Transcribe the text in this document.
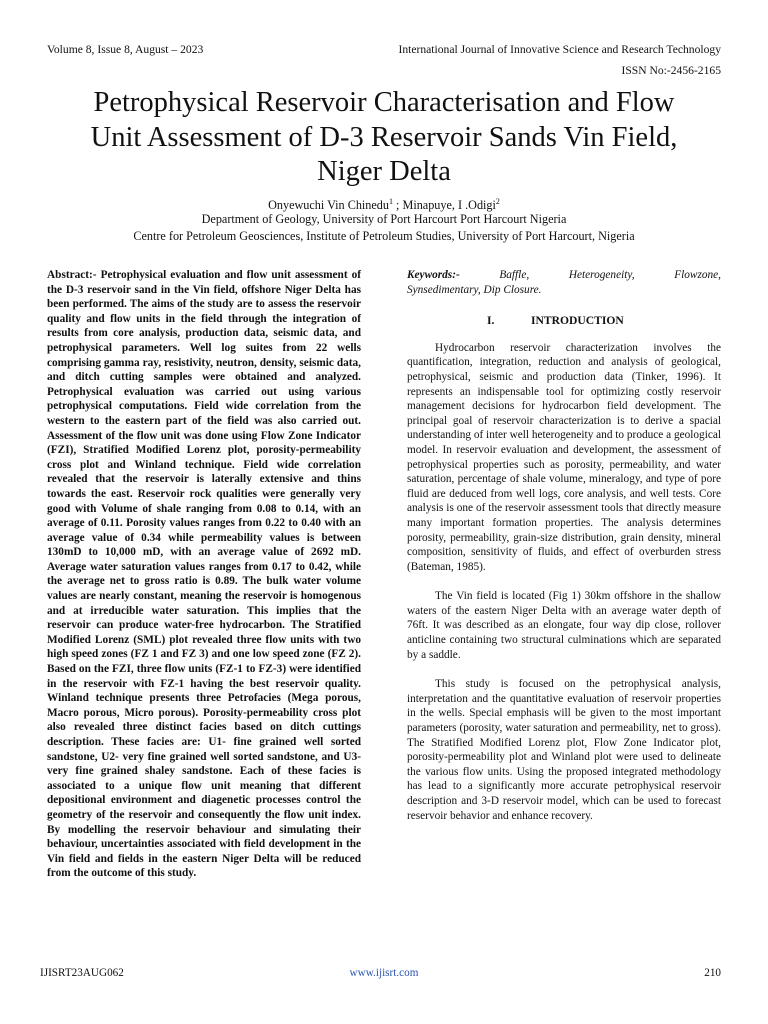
Volume 8, Issue 8, August – 2023	International Journal of Innovative Science and Research Technology
ISSN No:-2456-2165
Petrophysical Reservoir Characterisation and Flow
Unit Assessment of D-3 Reservoir Sands Vin Field,
Niger Delta
Onyewuchi Vin Chinedu$^1$ ; Minapuye, I .Odigi$^2$
Department of Geology, University of Port Harcourt Port Harcourt Nigeria
Centre for Petroleum Geosciences, Institute of Petroleum Studies, University of Port Harcourt, Nigeria
Abstract:- Petrophysical evaluation and flow unit assessment of the D-3 reservoir sand in the Vin field, offshore Niger Delta has been performed. The aims of the study are to assess the reservoir quality and flow units in the field through the integration of results from core analysis, production data, seismic data, and petrophysical parameters. Well log suites from 22 wells comprising gamma ray, resistivity, neutron, density, seismic data, and ditch cutting samples were obtained and analyzed. Petrophysical evaluation was carried out using various petrophysical computations. Field wide correlation from the western to the eastern part of the field was also carried out. Assessment of the flow unit was done using Flow Zone Indicator (FZI), Stratified Modified Lorenz plot, porosity-permeability cross plot and Winland technique. Field wide correlation revealed that the reservoir is laterally extensive and thins towards the east. Reservoir rock qualities were generally very good with Volume of shale ranging from 0.08 to 0.14, with an average of 0.11. Porosity values ranges from 0.22 to 0.40 with an average value of 0.34 while permeability values is between 130mD to 10,000 mD, with an average value of 2692 mD. Average water saturation values ranges from 0.17 to 0.42, while the average net to gross ratio is 0.89. The bulk water volume values are nearly constant, meaning the reservoir is homogenous and at irreducible water saturation. This implies that the reservoir can produce water-free hydrocarbon. The Stratified Modified Lorenz (SML) plot revealed three flow units with two high speed zones (FZ 1 and FZ 3) and one low speed zone (FZ 2). Based on the FZI, three flow units (FZ-1 to FZ-3) were identified in the reservoir with FZ-1 having the best reservoir quality. Winland technique presents three Petrofacies (Mega porous, Macro porous, Micro porous). Porosity-permeability cross plot also revealed three distinct facies based on ditch cuttings description. These facies are: U1- fine grained well sorted sandstone, U2- very fine grained well sorted sandstone, and U3- very fine grained shaley sandstone. Each of these facies is associated to a unique flow unit meaning that different depositional environment and diagenetic processes control the geometry of the reservoir and consequently the flow unit index. By modelling the reservoir behaviour and simulating their behaviour, uncertainties associated with field development in the Vin field and fields in the eastern Niger Delta will be reduced from the outcome of this study.
Keywords:-	Baffle,	Heterogeneity,	Flowzone,
Synsedimentary, Dip Closure.
I.	INTRODUCTION

Hydrocarbon reservoir characterization involves the quantification, integration, reduction and analysis of geological, petrophysical, seismic and production data (Tinker, 1996). It represents an indispensable tool for optimizing costly reservoir management decisions for hydrocarbon field development. The principal goal of reservoir characterization is to derive a spacial understanding of inter well heterogeneity and to produce a geological model. In reservoir evaluation and development, the assessment of petrophysical properties such as porosity, permeability, and water saturation, percentage of shale volume, mineralogy, and type of pore fluid are deduced from well logs, core analysis, and well tests. Core analysis is one of the reservoir assessment tools that directly measure many important formation properties. The analysis determines porosity, permeability, grain-size distribution, grain density, mineral composition, sensitivity of fluids, and effect of overburden stress (Bateman, 1985).

The Vin field is located (Fig 1) 30km offshore in the shallow waters of the eastern Niger Delta with an average water depth of 76ft. It was described as an elongate, four way dip close, rollover anticline containing two structural culminations which are separated by a saddle.

This study is focused on the petrophysical analysis, interpretation and the quantitative evaluation of reservoir properties in the wells. Special emphasis will be given to the most important parameters (porosity, water saturation and permeability, net to gross). The Stratified Modified Lorenz plot, Flow Zone Indicator plot, porosity-permeability plot and Winland plot were used to delineate the various flow units. Using the proposed integrated methodology has lead to a significantly more accurate petrophysical reservoir description and 3-D reservoir model, which can be used to forecast reservoir behavior and enhance recovery.

IJISRT23AUG062	www.ijisrt.com	210
